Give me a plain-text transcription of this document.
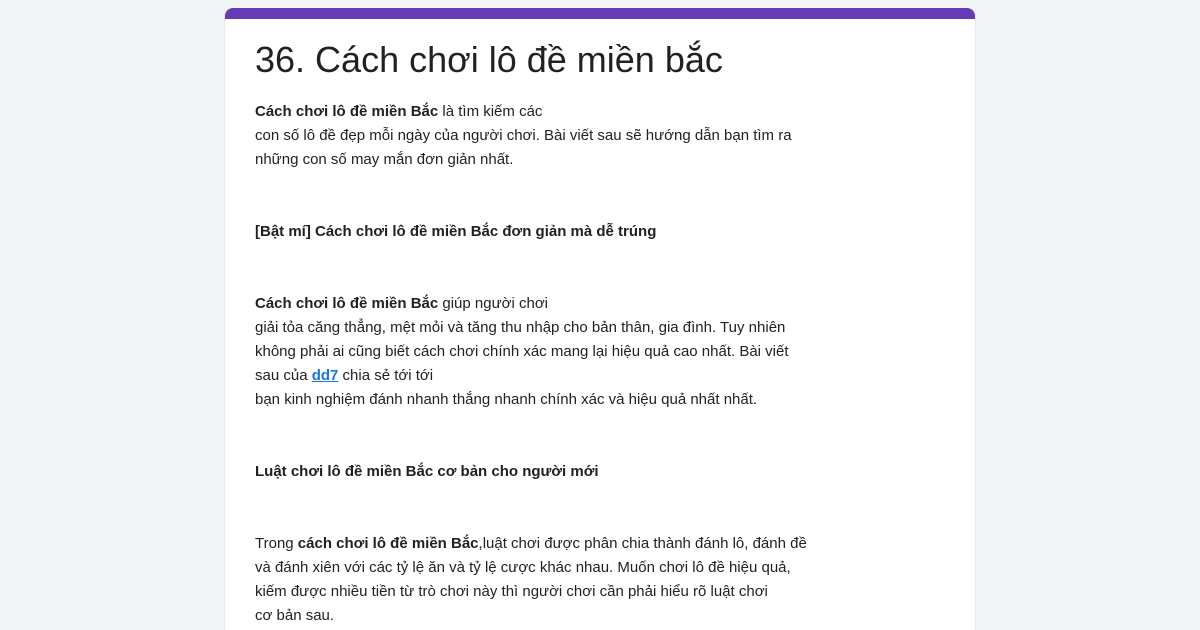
36. Cách chơi lô đề miền bắc

Cách chơi lô đề miền Bắc là tìm kiếm các
con số lô đề đẹp mỗi ngày của người chơi. Bài viết sau sẽ hướng dẫn bạn tìm ra
những con số may mắn đơn giản nhất.

[Bật mí] Cách chơi lô đề miền Bắc đơn giản mà dễ trúng

Cách chơi lô đề miền Bắc giúp người chơi
giải tỏa căng thẳng, mệt mỏi và tăng thu nhập cho bản thân, gia đình. Tuy nhiên
không phải ai cũng biết cách chơi chính xác mang lại hiệu quả cao nhất. Bài viết
sau của dd7 chia sẻ tới tới
bạn kinh nghiệm đánh nhanh thắng nhanh chính xác và hiệu quả nhất nhất.

Luật chơi lô đề miền Bắc cơ bản cho người mới

Trong cách chơi lô đề miền Bắc,luật chơi được phân chia thành đánh lô, đánh đề
và đánh xiên với các tỷ lệ ăn và tỷ lệ cược khác nhau. Muốn chơi lô đề hiệu quả,
kiếm được nhiều tiền từ trò chơi này thì người chơi cần phải hiểu rõ luật chơi
cơ bản sau.
